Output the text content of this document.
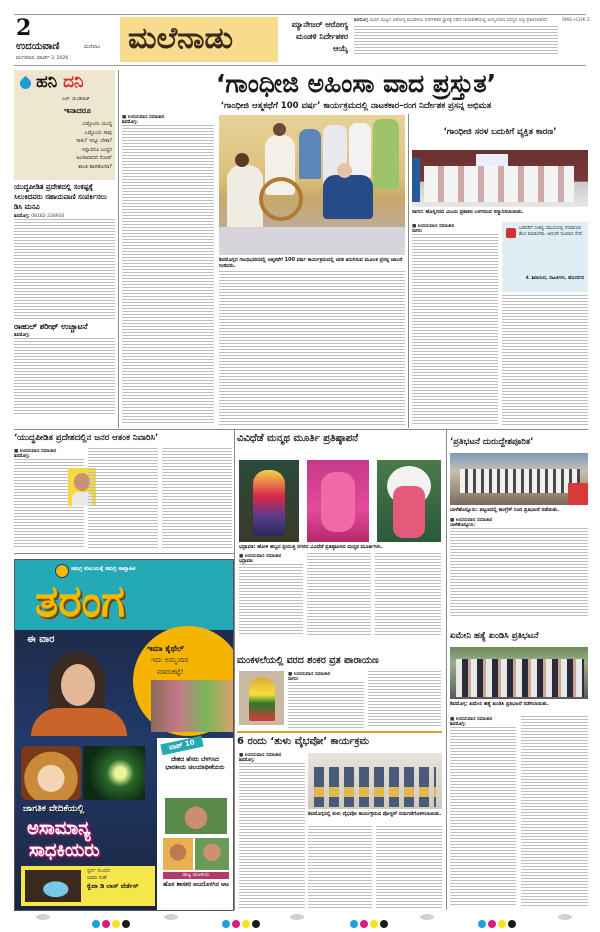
2
ಉದಯವಾಣಿ	ಮಣಿಪಾಲ
ಮಂಗಳವಾರ, ಮಾರ್ಚ್ 3, 2026
ಮಲೆನಾಡು	ಮ್ಯಾನೇಜರ್ ಆರೋಗ್ಯ ಮಂಡಳಿ ನಿರ್ದೇಶಕರ ಆಯ್ಕೆ
ಶಿವಮೊಗ್ಗ ವಿಭಾಗ ಮಟ್ಟದ ಆರೋಗ್ಯ ಮಂಡಳಿಯ ನಿರ್ದೇಶಕರ ಸ್ಥಾನಕ್ಕೆ ನಡೆದ ಚುನಾವಣೆಯಲ್ಲಿ ಆಯ್ಕೆಯಾದ ಸದಸ್ಯರ ಪಟ್ಟಿ ಪ್ರಕಟಿಸಲಾಗಿದೆ.	SMG+CHK 2
ಹನಿ ದನಿ
ಎಚ್. ಡುಂಡಿರಾಜ್
ಇನಾದರೂ
ಎಷ್ಟೊಂದು ಯುದ್ಧ
ಎಷ್ಟೊಂದು ಸಾವು
ಸಾಕು? ಇನ್ನೂ ಬೇಕಾ?
ಇನ್ನಾದರೂ ಬುದ್ಧನ
ಹಿಂಸಾವಾದದ ನೋವ್
ಶಾಂತಿ ಹಾದಿಕೋರಾ?
ಯುದ್ಧಪೀಡಿತ ಪ್ರದೇಶದಲ್ಲಿ ಸಂಕಷ್ಟಕ್ಕೆ ಸಿಲುಕಿದವರು ಸಹಾಯವಾಣಿ ಸಂಪರ್ಕಿಸಲು ಡಿಸಿ ಮನವಿ
ಶಿವಮೊಗ್ಗ: 08182-228930
ರಾಹುಲ್ ಶರೀಫ್ ಉಚ್ಚಾಟನೆ
ಶಿವಮೊಗ್ಗ:
‘ಗಾಂಧೀಜಿ ಅಹಿಂಸಾ ವಾದ ಪ್ರಸ್ತುತ’
‘ಗಾಂಧೀಜಿ ಆತ್ಮಕಥೆಗೆ 100 ವರ್ಷ’ ಕಾರ್ಯಕ್ರಮದಲ್ಲಿ ನಾಟಕಕಾರ–ರಂಗ ನಿರ್ದೇಶಕ ಪ್ರಸನ್ನ ಅಭಿಮತ
■ ಉದಯವಾಣಿ ಸಮಾಚಾರ
ಶಿವಮೊಗ್ಗ:
ಶಿವಮೊಗ್ಗದ ಗಾಂಧಿಭವನದಲ್ಲಿ ಆತ್ಮಕಥೆಗೆ 100 ವರ್ಷ ಕಾರ್ಯಕ್ರಮದಲ್ಲಿ ಚರಕ ತಿರುಗಿಸುವ ಮೂಲಕ ಪ್ರಸನ್ನ ಚಾಲನೆ ನೀಡಿದರು.
‘ಗಾಂಧೀಜಿ ಸರಳ ಬದುಕಿಗೆ ವ್ಯಕ್ತಿತ ಕಾರಣ’
ಸಾಗರ: ಹೊಸ್ನಗರದ ವಿಜಯ ಪ್ರಕಾಶನ ಬಳಗದಿಂದ ಸನ್ಮಾನಿಸಲಾಯಿತು.
■ ಉದಯವಾಣಿ ಸಮಾಚಾರ
ಸಾಗರ:
ಬಡವರಿಗೆ ಸಂಕಷ್ಟ ಸಮಯದಲ್ಲಿ ನೆರವಾಗುವ ಕೆಲಸ ಮಾಡಬೇಕು. ಅದುವೇ ನಿಜವಾದ ಸೇವೆ.
ಕೆ. ಶಿವಾನಂದ, ಸಾಹಿತಿಗಳು, ಹೊಸನಗರ
‘ಯುದ್ಧಪೀಡಿತ ಪ್ರದೇಶದಲ್ಲಿನ ಜನರ ಆತಂಕ ನಿವಾರಿಸಿ’
■ ಉದಯವಾಣಿ ಸಮಾಚಾರ
ಶಿವಮೊಗ್ಗ:
ಸಮಗ್ರ ಕುಟುಂಬಕ್ಕೆ ಸಮಗ್ರ ಸಾಪ್ತಾಹಿಕ
ತರಂಗ
ಈ ವಾರ
ಇಮಾ ಕೈಥೆಲ್
ಇದು ಅಮ್ಮಂದಿರ
ಮಾರುಕಟ್ಟೆ!
ಟಾಪ್ 10
ದೇಶದ ಹೆಸರು ಬೆಳಗಿಸಿದ ಭಾರತೀಯ ಚಿಲಯಾಥೀಕೆಯರು
ರಾಜ್ಯ ರಾಜಕೀಯ
ಹೊಸ ಶಾಸಕರ ಅಬದೊಳಗಿನ ಆಟ
ಜಾಗತಿಕ ವೇದಿಕೆಯಲ್ಲಿ
ಅಸಾಮಾನ್ಯ
ಸಾಧಕಿಯರು
ಸ್ವರ್ಗ ಸುಂದರ
ಲಾವಾ ಗುಹೆ
ಕ್ವೆವಾ ಡಿ ಲಾಸ್ ವೆರ್ಡೆಸ್
ವಿವಿಧೆಡೆ ಮನ್ಮಥ ಮೂರ್ತಿ ಪ್ರತಿಷ್ಠಾಪನೆ
ಭದ್ರಾವತಿ: ಹೋಳಿ ಹಬ್ಬದ ಪ್ರಯುಕ್ತ ನಗರದ ವಿವಿಧೆಡೆ ಪ್ರತಿಷ್ಠಾಪಿಸಿದ ಮನ್ಮಥ ಮೂರ್ತಿಗಳು.
■ ಉದಯವಾಣಿ ಸಮಾಚಾರ
ಭದ್ರಾವತಿ:
ಮಂಕಳಲೆಯಲ್ಲಿ ವರದ ಶಂಕರ ವ್ರತ ಪಾರಾಯಣ
■ ಉದಯವಾಣಿ ಸಮಾಚಾರ
ಸಾಗರ:
6 ರಂದು ‘ತುಳು ವೈಭವೋ’ ಕಾರ್ಯಕ್ರಮ
■ ಉದಯವಾಣಿ ಸಮಾಚಾರ
ಶಿವಮೊಗ್ಗ:
ಶಿವಮೊಗ್ಗದಲ್ಲಿ ತುಳು ವೈಭವೋ ಕಾರ್ಯಕ್ರಮದ ಪೋಸ್ಟರ್ ಬಿಡುಗಡೆಗೊಳಿಸಲಾಯಿತು.
‘ಪ್ರತಿಭಟನೆ ದುರುದ್ದೇಶಪೂರಿತ’
ಬಾಳೆಹೊನ್ನೂರು: ಪಟ್ಟಣದಲ್ಲಿ ಕಾಂಗ್ರೆಸ್ ನಿಂದ ಪ್ರತಿಭಟನೆ ನಡೆಯಿತು.
■ ಉದಯವಾಣಿ ಸಮಾಚಾರ
ಬಾಳೆಹೊನ್ನೂರು:
ಏಮೇನಿ ಹತ್ಯೆ ಖಂಡಿಸಿ ಪ್ರತಿಭಟನೆ
ಶಿವಮೊಗ್ಗ: ಖಮೇನಿ ಹತ್ಯೆ ಖಂಡಿಸಿ ಪ್ರತಿಭಟನೆ ನಡೆಸಲಾಯಿತು.
■ ಉದಯವಾಣಿ ಸಮಾಚಾರ
ಶಿವಮೊಗ್ಗ:
